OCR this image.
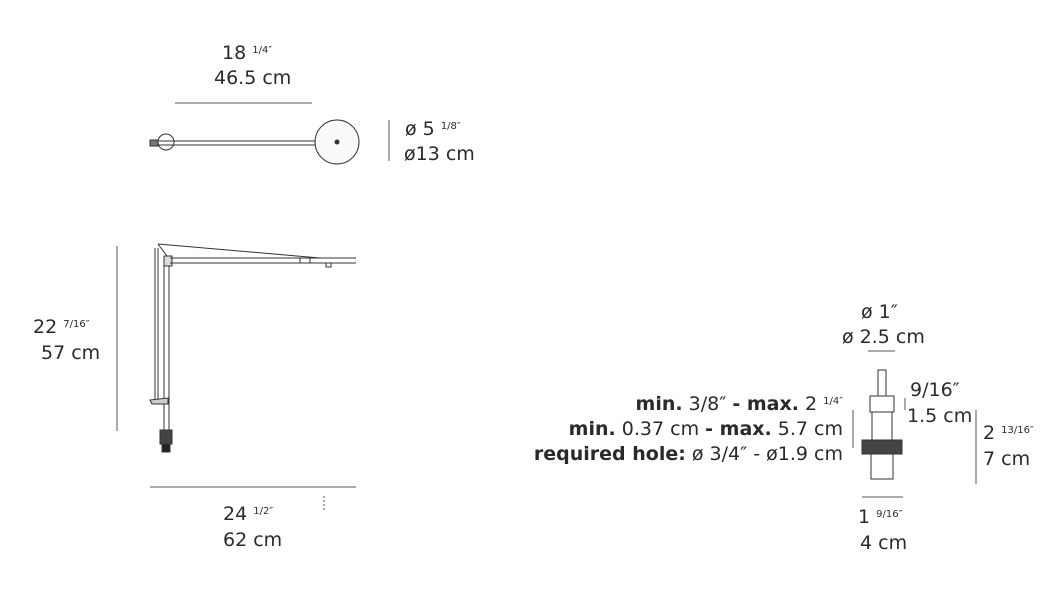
18 $^{1/4''}$
46.5 cm
ø 5 $^{1/8''}$
ø13 cm
22 $^{7/16''}$
57 cm
24 $^{1/2''}$
62 cm
ø 1″
ø 2.5 cm
9/16″
1.5 cm
2 $^{13/16''}$
7 cm
1 $^{9/16''}$
4 cm
min. 3/8″ - max. 2 $^{1/4''}$
min. 0.37 cm - max. 5.7 cm
required hole: ø 3/4″ - ø1.9 cm
